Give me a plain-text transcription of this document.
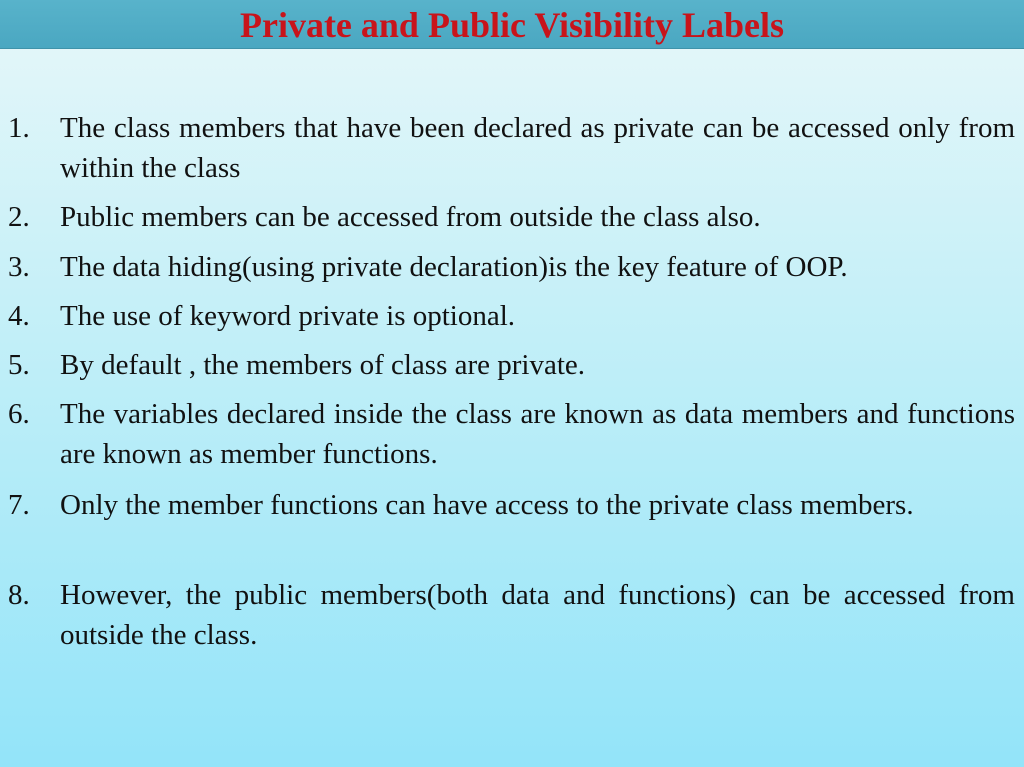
Private and Public Visibility Labels
1.	The class members that have been declared as private can be accessed only from within the class
2.	Public members can be accessed from outside the class also.
3.	The data hiding(using private declaration)is the key feature of OOP.
4.	The use of keyword private is optional.
5.	By default , the members of class are private.
6.	The variables declared inside the class are known as data members and functions are known as member functions.
7.	Only the member functions can have access to the private class members.
8.	However, the public members(both data and functions) can be accessed from outside the class.
